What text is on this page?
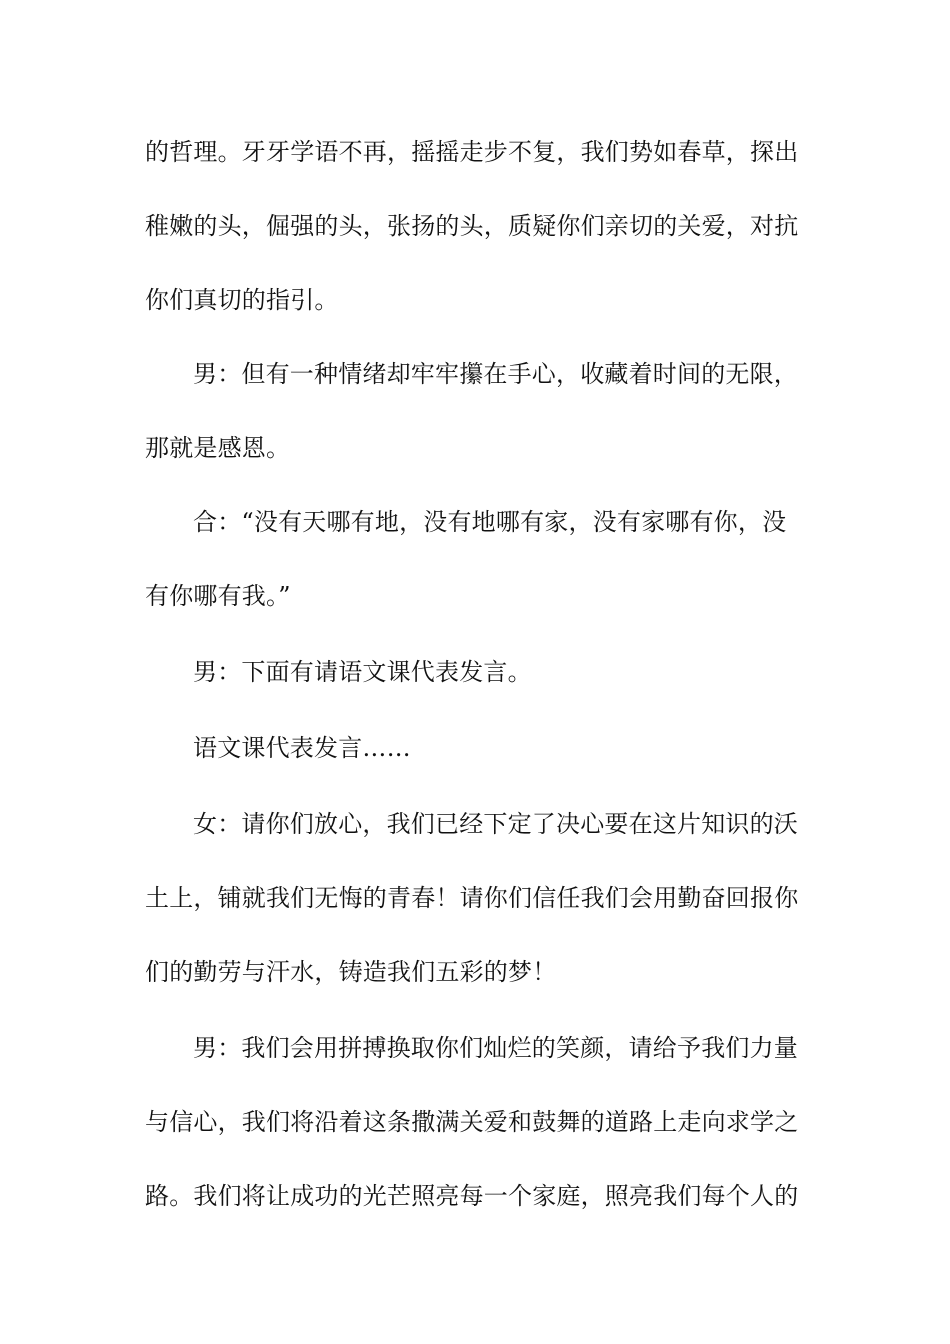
的哲理。牙牙学语不再，摇摇走步不复，我们势如春草，探出
稚嫩的头，倔强的头，张扬的头，质疑你们亲切的关爱，对抗
你们真切的指引。
男：但有一种情绪却牢牢攥在手心，收藏着时间的无限，
那就是感恩。
合：“没有天哪有地，没有地哪有家，没有家哪有你，没
有你哪有我。”
男：下面有请语文课代表发言。
语文课代表发言……
女：请你们放心，我们已经下定了决心要在这片知识的沃
土上，铺就我们无悔的青春！请你们信任我们会用勤奋回报你
们的勤劳与汗水，铸造我们五彩的梦！
男：我们会用拼搏换取你们灿烂的笑颜，请给予我们力量
与信心，我们将沿着这条撒满关爱和鼓舞的道路上走向求学之
路。我们将让成功的光芒照亮每一个家庭，照亮我们每个人的
